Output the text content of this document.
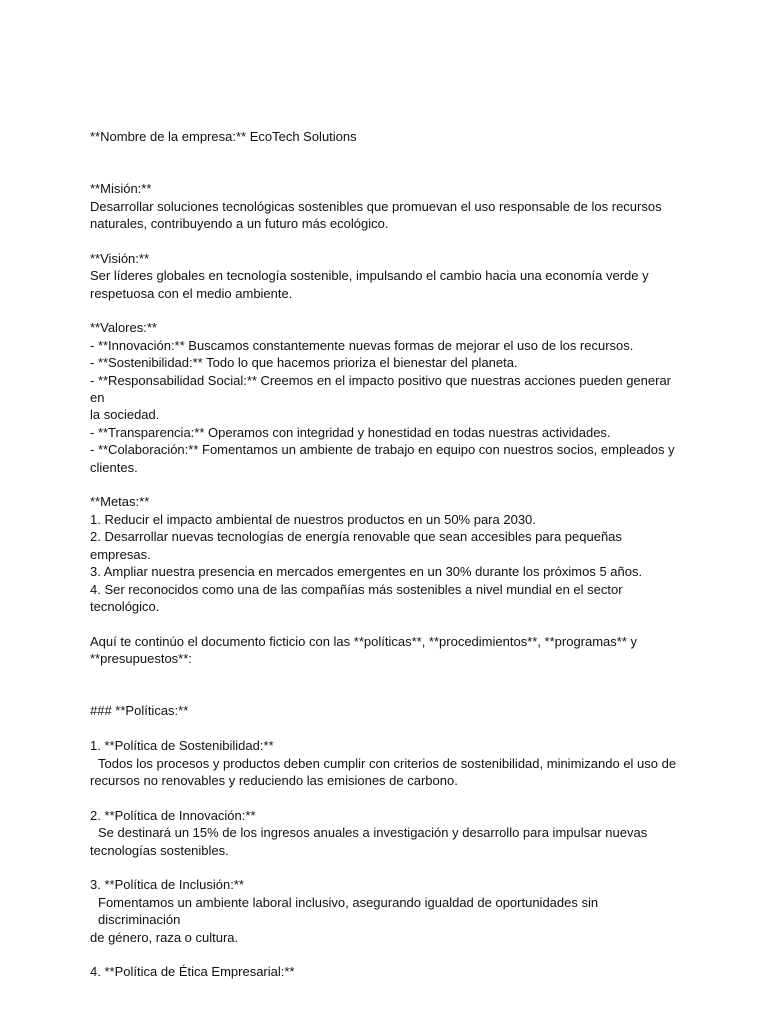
**Nombre de la empresa:** EcoTech Solutions
**Misión:**
Desarrollar soluciones tecnológicas sostenibles que promuevan el uso responsable de los recursos
naturales, contribuyendo a un futuro más ecológico.
**Visión:**
Ser líderes globales en tecnología sostenible, impulsando el cambio hacia una economía verde y
respetuosa con el medio ambiente.
**Valores:**
- **Innovación:** Buscamos constantemente nuevas formas de mejorar el uso de los recursos.
- **Sostenibilidad:** Todo lo que hacemos prioriza el bienestar del planeta.
- **Responsabilidad Social:** Creemos en el impacto positivo que nuestras acciones pueden generar en
la sociedad.
- **Transparencia:** Operamos con integridad y honestidad en todas nuestras actividades.
- **Colaboración:** Fomentamos un ambiente de trabajo en equipo con nuestros socios, empleados y
clientes.
**Metas:**
1. Reducir el impacto ambiental de nuestros productos en un 50% para 2030.
2. Desarrollar nuevas tecnologías de energía renovable que sean accesibles para pequeñas empresas.
3. Ampliar nuestra presencia en mercados emergentes en un 30% durante los próximos 5 años.
4. Ser reconocidos como una de las compañías más sostenibles a nivel mundial en el sector tecnológico.
Aquí te continúo el documento ficticio con las **políticas**, **procedimientos**, **programas** y
**presupuestos**:
### **Políticas:**
1. **Política de Sostenibilidad:**
Todos los procesos y productos deben cumplir con criterios de sostenibilidad, minimizando el uso de
recursos no renovables y reduciendo las emisiones de carbono.
2. **Política de Innovación:**
Se destinará un 15% de los ingresos anuales a investigación y desarrollo para impulsar nuevas
tecnologías sostenibles.
3. **Política de Inclusión:**
Fomentamos un ambiente laboral inclusivo, asegurando igualdad de oportunidades sin discriminación
de género, raza o cultura.
4. **Política de Ética Empresarial:**
